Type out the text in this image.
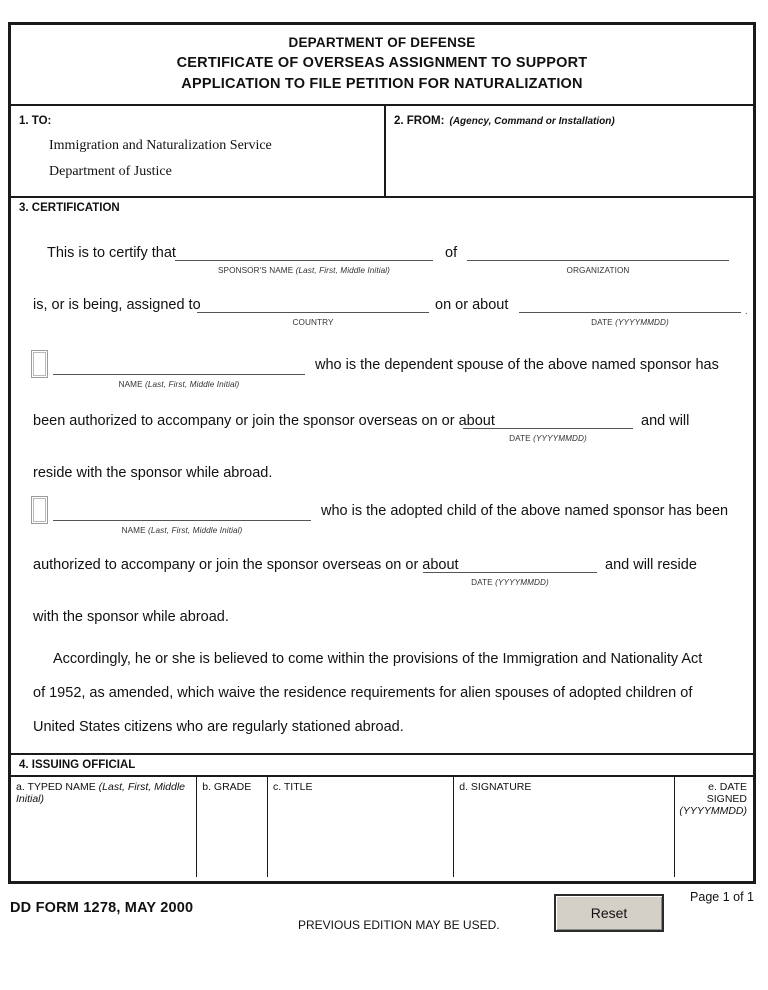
DEPARTMENT OF DEFENSE
CERTIFICATE OF OVERSEAS ASSIGNMENT TO SUPPORT
APPLICATION TO FILE PETITION FOR NATURALIZATION
1. TO:
Immigration and Naturalization Service
Department of Justice
2. FROM: (Agency, Command or Installation)
3. CERTIFICATION
This is to certify that
SPONSOR'S NAME (Last, First, Middle Initial)
of
ORGANIZATION
is, or is being, assigned to
COUNTRY
on or about
DATE (YYYYMMDD)
.
NAME (Last, First, Middle Initial)
who is the dependent spouse of the above named sponsor has
been authorized to accompany or join the sponsor overseas on or about
DATE (YYYYMMDD)
and will
reside with the sponsor while abroad.
NAME (Last, First, Middle Initial)
who is the adopted child of the above named sponsor has been
authorized to accompany or join the sponsor overseas on or about
DATE (YYYYMMDD)
and will reside
with the sponsor while abroad.
Accordingly, he or she is believed to come within the provisions of the Immigration and Nationality Act
of 1952, as amended, which waive the residence requirements for alien spouses of adopted children of
United States citizens who are regularly stationed abroad.
4. ISSUING OFFICIAL
a. TYPED NAME (Last, First, Middle Initial)
b. GRADE	c. TITLE	d. SIGNATURE	e. DATE SIGNED
(YYYYMMDD)
DD FORM 1278, MAY 2000
PREVIOUS EDITION MAY BE USED.
Reset
Page 1 of 1
